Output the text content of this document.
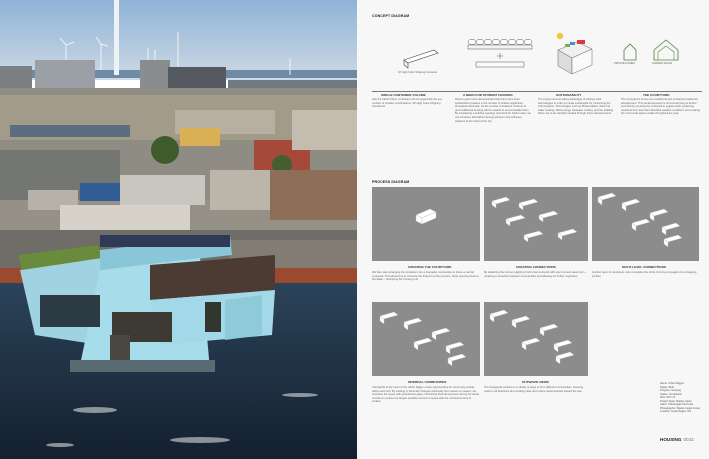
CONCEPT DIAGRAM
40' High Cube Shipping Container
PRIVATE HOMES	SHARED SPACE
SINGLE CONTAINER VOLUME
Like the LEGO block, containers can be organized into any number of creative combinations. 40' High Cube Shipping Containers.
A NEED FOR STUDENT HOUSING
Recent years have demonstrated that there have been substantial increases in the number of student applicants throughout Denmark. As the number of students continue to grow additional housing will be needed to accommodate them. By introducing a building typology optimized for harbor sites, we can introduce affordable housing solutions that will keep students at the heart of the city.
SUSTAINABILITY
The project aims at taking advantage of utilizing solar technologies in order to create sustainable for minimizing the CO2 footprint. Technologies such as Photovoltaics, Solar hot water heating, Wind energy, Seawater cooling, and the building fabric are to be carefully studied through future developments.
THE COURTYARD
The courtyard is known as a traditional part of Danish residential development. This social approach to communal living is further enriched by covering the courtyard in a glass shell, protecting residents from less than desirable weather conditions and creating the communal space usable throughout the year.
PROCESS DIAGRAM
CREATING THE COURTYARD
We then start arranging the containers into a triangular composition to frame a central courtyard. This allowed us to minimize the footprint of the pontoon, while opening views to the water – optimizing the housing unit.
CREATING CONNECTIONS
By detaching the corners slightly a horizontal courtyard with open corners takes form – creating a connection between communities and allowing for further expansion.
MULTI-LEVEL CONNECTIONS
Another layer of containers units completes the circle, forming a hexagon of overlapping profiles.
INTERNAL COMMUNITIES
Courtyards at the heart of the Urban Rigger create opportunities for community activity within each unit. By working in Denmark changes drastically from season to season, we introduce the space with greenhouse glass, minimizing thermal exposure during the winter months to enclose the largest possible amount of space with the minimal amount of surface.
OUTWARD VIEWS
The hexagonal combine is a variety of ways to form different communities, focusing views in all directions and creating clear and unique views directed toward the sea.
Name: Urban Rigger
Status: Built
Program: Housing
Status: Completed
Size: 697 m2
Project Team: Bjarke Ingels
Client: Urbanrigger Denmark
Photographer: Bjarke Ingels Group
Location: Copenhagen, DK
HOUSING 0033
